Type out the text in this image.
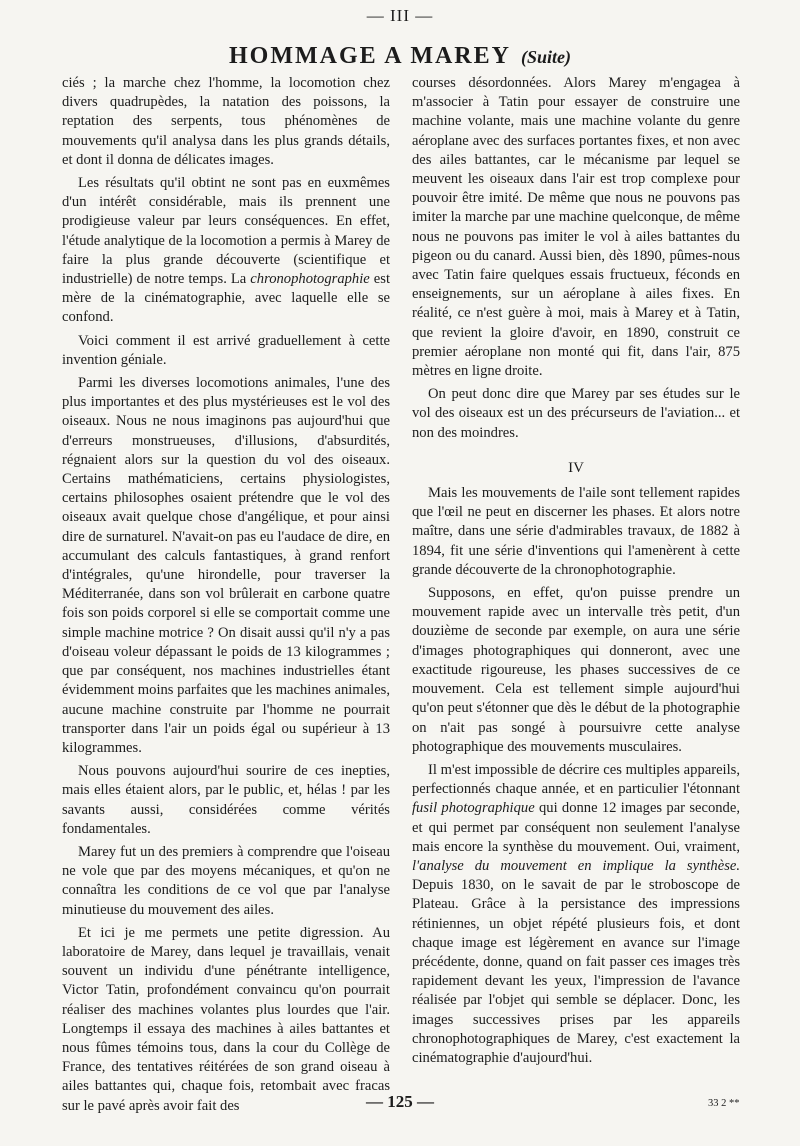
— III —
HOMMAGE A MAREY (Suite)

ciés ; la marche chez l'homme, la locomotion chez divers quadrupèdes, la natation des poissons, la reptation des serpents, tous phénomènes de mouvements qu'il analysa dans les plus grands détails, et dont il donna de délicates images.

Les résultats qu'il obtint ne sont pas en euxmêmes d'un intérêt considérable, mais ils prennent une prodigieuse valeur par leurs conséquences. En effet, l'étude analytique de la locomotion a permis à Marey de faire la plus grande découverte (scientifique et industrielle) de notre temps. La chronophotographie est mère de la cinématographie, avec laquelle elle se confond.

Voici comment il est arrivé graduellement à cette invention géniale.

Parmi les diverses locomotions animales, l'une des plus importantes et des plus mystérieuses est le vol des oiseaux. Nous ne nous imaginons pas aujourd'hui que d'erreurs monstrueuses, d'illusions, d'absurdités, régnaient alors sur la question du vol des oiseaux. Certains mathématiciens, certains physiologistes, certains philosophes osaient prétendre que le vol des oiseaux avait quelque chose d'angélique, et pour ainsi dire de surnaturel. N'avait-on pas eu l'audace de dire, en accumulant des calculs fantastiques, à grand renfort d'intégrales, qu'une hirondelle, pour traverser la Méditerranée, dans son vol brûlerait en carbone quatre fois son poids corporel si elle se comportait comme une simple machine motrice ? On disait aussi qu'il n'y a pas d'oiseau voleur dépassant le poids de 13 kilogrammes ; que par conséquent, nos machines industrielles étant évidemment moins parfaites que les machines animales, aucune machine construite par l'homme ne pourrait transporter dans l'air un poids égal ou supérieur à 13 kilogrammes.

Nous pouvons aujourd'hui sourire de ces inepties, mais elles étaient alors, par le public, et, hélas ! par les savants aussi, considérées comme vérités fondamentales.

Marey fut un des premiers à comprendre que l'oiseau ne vole que par des moyens mécaniques, et qu'on ne connaîtra les conditions de ce vol que par l'analyse minutieuse du mouvement des ailes.

Et ici je me permets une petite digression. Au laboratoire de Marey, dans lequel je travaillais, venait souvent un individu d'une pénétrante intelligence, Victor Tatin, profondément convaincu qu'on pourrait réaliser des machines volantes plus lourdes que l'air. Longtemps il essaya des machines à ailes battantes et nous fûmes témoins tous, dans la cour du Collège de France, des tentatives réitérées de son grand oiseau à ailes battantes qui, chaque fois, retombait avec fracas sur le pavé après avoir fait des

courses désordonnées. Alors Marey m'engagea à m'associer à Tatin pour essayer de construire une machine volante, mais une machine volante du genre aéroplane avec des surfaces portantes fixes, et non avec des ailes battantes, car le mécanisme par lequel se meuvent les oiseaux dans l'air est trop complexe pour pouvoir être imité. De même que nous ne pouvons pas imiter la marche par une machine quelconque, de même nous ne pouvons pas imiter le vol à ailes battantes du pigeon ou du canard. Aussi bien, dès 1890, pûmes-nous avec Tatin faire quelques essais fructueux, féconds en enseignements, sur un aéroplane à ailes fixes. En réalité, ce n'est guère à moi, mais à Marey et à Tatin, que revient la gloire d'avoir, en 1890, construit ce premier aéroplane non monté qui fit, dans l'air, 875 mètres en ligne droite.

On peut donc dire que Marey par ses études sur le vol des oiseaux est un des précurseurs de l'aviation... et non des moindres.

IV

Mais les mouvements de l'aile sont tellement rapides que l'œil ne peut en discerner les phases. Et alors notre maître, dans une série d'admirables travaux, de 1882 à 1894, fit une série d'inventions qui l'amenèrent à cette grande découverte de la chronophotographie.

Supposons, en effet, qu'on puisse prendre un mouvement rapide avec un intervalle très petit, d'un douzième de seconde par exemple, on aura une série d'images photographiques qui donneront, avec une exactitude rigoureuse, les phases successives de ce mouvement. Cela est tellement simple aujourd'hui qu'on peut s'étonner que dès le début de la photographie on n'ait pas songé à poursuivre cette analyse photographique des mouvements musculaires.

Il m'est impossible de décrire ces multiples appareils, perfectionnés chaque année, et en particulier l'étonnant fusil photographique qui donne 12 images par seconde, et qui permet par conséquent non seulement l'analyse mais encore la synthèse du mouvement. Oui, vraiment, l'analyse du mouvement en implique la synthèse. Depuis 1830, on le savait de par le stroboscope de Plateau. Grâce à la persistance des impressions rétiniennes, un objet répété plusieurs fois, et dont chaque image est légèrement en avance sur l'image précédente, donne, quand on fait passer ces images très rapidement devant les yeux, l'impression de l'avance réalisée par l'objet qui semble se déplacer. Donc, les images successives prises par les appareils chronophotographiques de Marey, c'est exactement la cinématographie d'aujourd'hui.

— 125 —	33 2 **
